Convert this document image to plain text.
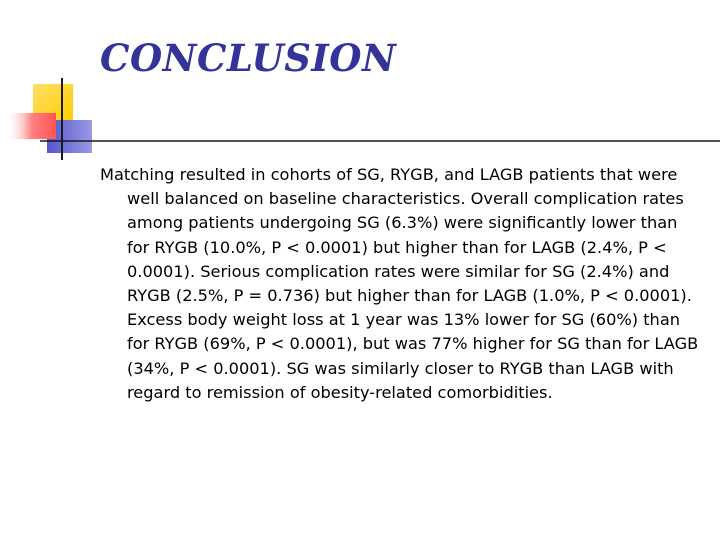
CONCLUSION

Matching resulted in cohorts of SG, RYGB, and LAGB patients that were well balanced on baseline characteristics. Overall complication rates among patients undergoing SG (6.3%) were significantly lower than for RYGB (10.0%, P < 0.0001) but higher than for LAGB (2.4%, P < 0.0001). Serious complication rates were similar for SG (2.4%) and RYGB (2.5%, P = 0.736) but higher than for LAGB (1.0%, P < 0.0001). Excess body weight loss at 1 year was 13% lower for SG (60%) than for RYGB (69%, P < 0.0001), but was 77% higher for SG than for LAGB (34%, P < 0.0001). SG was similarly closer to RYGB than LAGB with regard to remission of obesity-related comorbidities.
